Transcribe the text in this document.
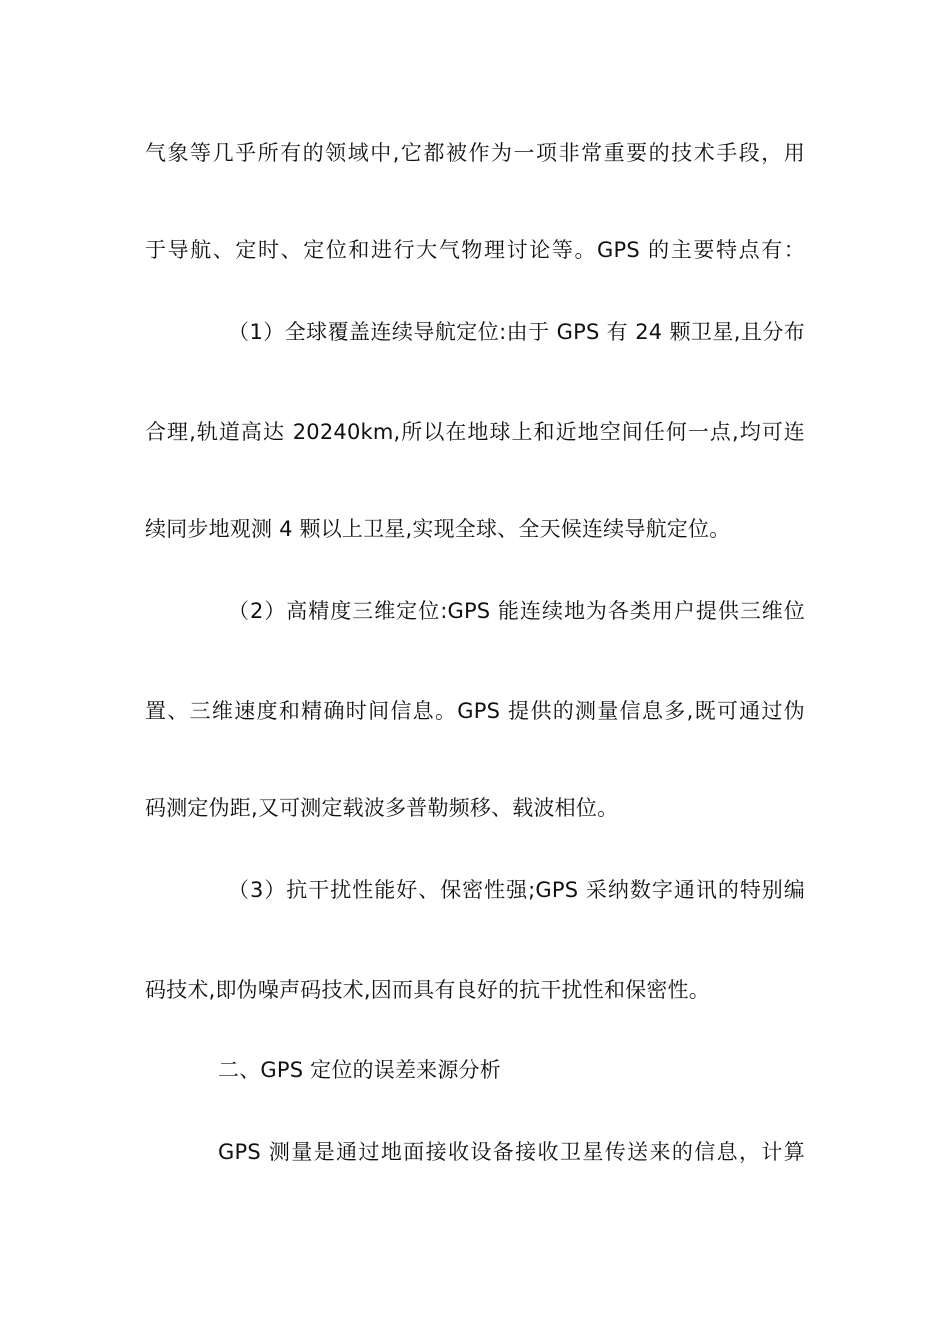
气象等几乎所有的领域中,它都被作为一项非常重要的技术手段，用
于导航、定时、定位和进行大气物理讨论等。GPS 的主要特点有：
（1）全球覆盖连续导航定位:由于 GPS 有 24 颗卫星,且分布
合理,轨道高达 20240km,所以在地球上和近地空间任何一点,均可连
续同步地观测 4 颗以上卫星,实现全球、全天候连续导航定位。
（2）高精度三维定位:GPS 能连续地为各类用户提供三维位
置、三维速度和精确时间信息。GPS 提供的测量信息多,既可通过伪
码测定伪距,又可测定载波多普勒频移、载波相位。
（3）抗干扰性能好、保密性强;GPS 采纳数字通讯的特别编
码技术,即伪噪声码技术,因而具有良好的抗干扰性和保密性。
二、GPS 定位的误差来源分析
GPS 测量是通过地面接收设备接收卫星传送来的信息，计算
